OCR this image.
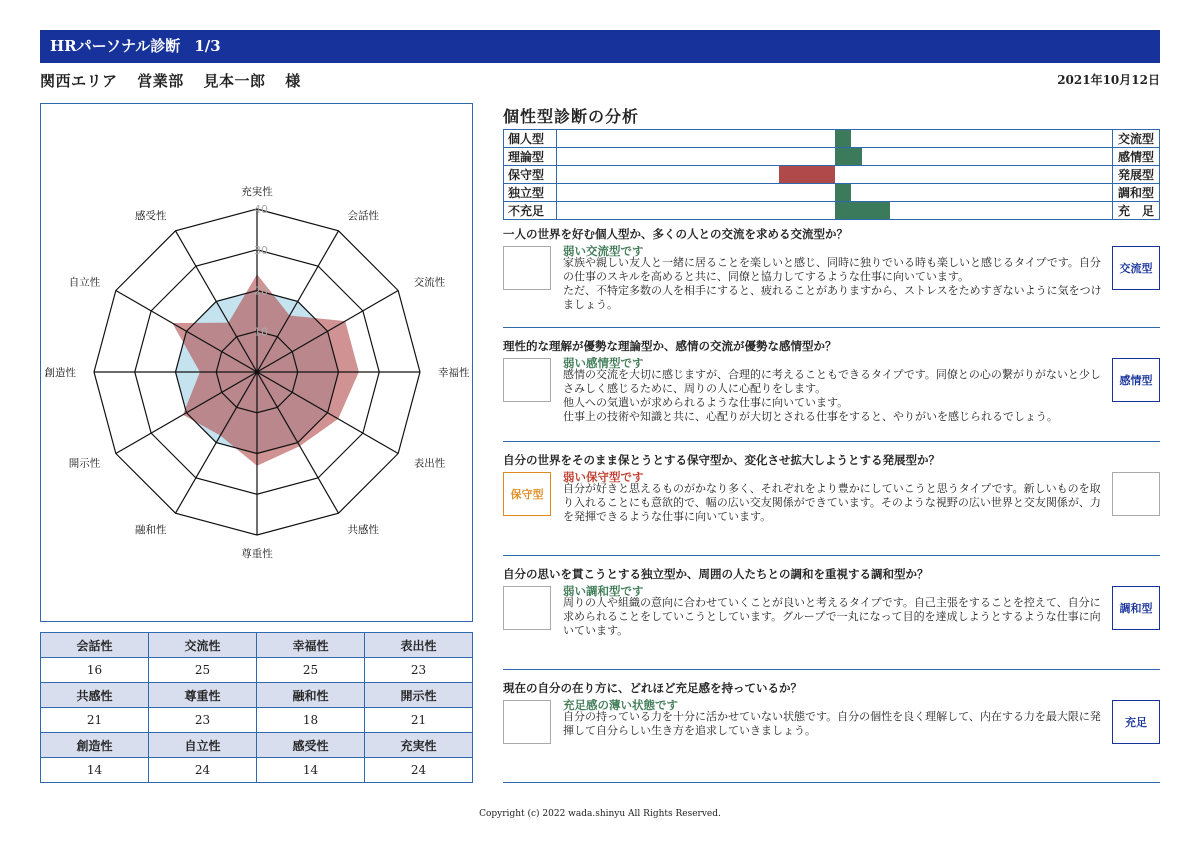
HRパーソナル診断 1/3
関西エリア 営業部 見本一郎 様	2021年10月12日
10
20
30
40
充実性
会話性
交流性
幸福性
表出性
共感性
尊重性
融和性
開示性
創造性
自立性
感受性
会話性	交流性	幸福性	表出性
16	25	25	23
共感性	尊重性	融和性	開示性
21	23	18	21
創造性	自立性	感受性	充実性
14	24	14	24
個性型診断の分析
個人型		交流型
理論型		感情型
保守型		発展型
独立型		調和型
不充足		充　足
一人の世界を好む個人型か、多くの人との交流を求める交流型か？
弱い交流型です
家族や親しい友人と一緒に居ることを楽しいと感じ、同時に独りでいる時も楽しいと感じるタイプです。自分の仕事のスキルを高めると共に、同僚と協力してするような仕事に向いています。
ただ、不特定多数の人を相手にすると、疲れることがありますから、ストレスをためすぎないように気をつけましょう。
交流型
理性的な理解が優勢な理論型か、感情の交流が優勢な感情型か？
弱い感情型です
感情の交流を大切に感じますが、合理的に考えることもできるタイプです。同僚との心の繋がりがないと少しさみしく感じるために、周りの人に心配りをします。
他人への気遣いが求められるような仕事に向いています。
仕事上の技術や知識と共に、心配りが大切とされる仕事をすると、やりがいを感じられるでしょう。
感情型
自分の世界をそのまま保とうとする保守型か、変化させ拡大しようとする発展型か？
保守型
弱い保守型です
自分が好きと思えるものがかなり多く、それぞれをより豊かにしていこうと思うタイプです。新しいものを取り入れることにも意欲的で、幅の広い交友関係ができています。そのような視野の広い世界と交友関係が、力を発揮できるような仕事に向いています。
自分の思いを貫こうとする独立型か、周囲の人たちとの調和を重視する調和型か？
弱い調和型です
周りの人や組織の意向に合わせていくことが良いと考えるタイプです。自己主張をすることを控えて、自分に求められることをしていこうとしています。グループで一丸になって目的を達成しようとするような仕事に向いています。
調和型
現在の自分の在り方に、どれほど充足感を持っているか？
充足感の薄い状態です
自分の持っている力を十分に活かせていない状態です。自分の個性を良く理解して、内在する力を最大限に発揮して自分らしい生き方を追求していきましょう。
充足
Copyright (c) 2022 wada.shinyu All Rights Reserved.
